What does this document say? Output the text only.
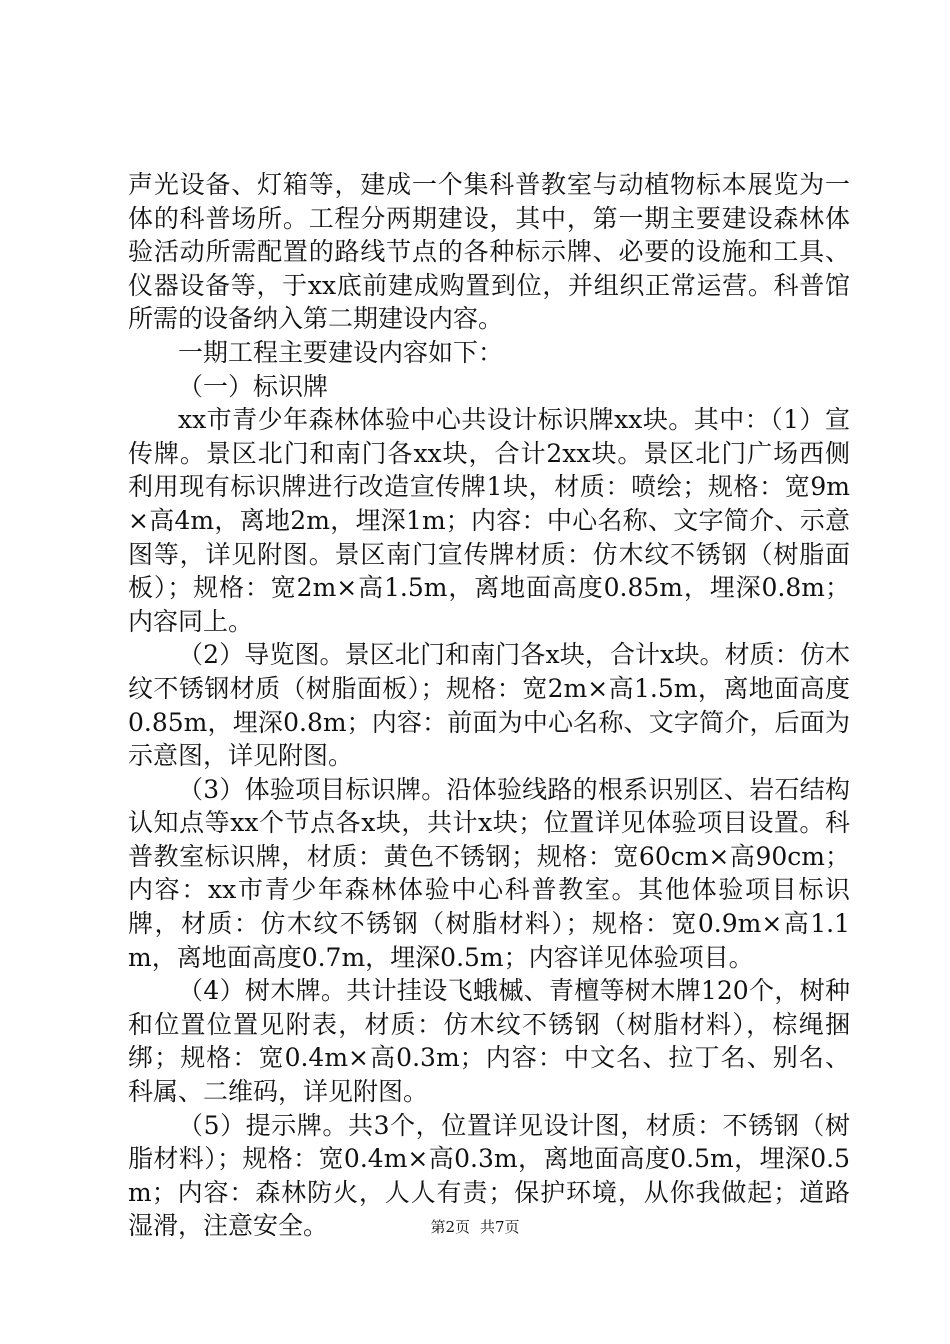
声光设备、灯箱等，建成一个集科普教室与动植物标本展览为一体的科普场所。工程分两期建设，其中，第一期主要建设森林体验活动所需配置的路线节点的各种标示牌、必要的设施和工具、仪器设备等，于xx底前建成购置到位，并组织正常运营。科普馆所需的设备纳入第二期建设内容。

一期工程主要建设内容如下：

（一）标识牌

xx市青少年森林体验中心共设计标识牌xx块。其中：（1）宣传牌。景区北门和南门各xx块，合计2xx块。景区北门广场西侧利用现有标识牌进行改造宣传牌1块，材质：喷绘；规格：宽9m×高4m，离地2m，埋深1m；内容：中心名称、文字简介、示意图等，详见附图。景区南门宣传牌材质：仿木纹不锈钢（树脂面板）；规格：宽2m×高1.5m，离地面高度0.85m，埋深0.8m；内容同上。

（2）导览图。景区北门和南门各x块，合计x块。材质：仿木纹不锈钢材质（树脂面板）；规格：宽2m×高1.5m，离地面高度0.85m，埋深0.8m；内容：前面为中心名称、文字简介，后面为示意图，详见附图。

（3）体验项目标识牌。沿体验线路的根系识别区、岩石结构认知点等xx个节点各x块，共计x块；位置详见体验项目设置。科普教室标识牌，材质：黄色不锈钢；规格：宽60cm×高90cm；内容：xx市青少年森林体验中心科普教室。其他体验项目标识牌，材质：仿木纹不锈钢（树脂材料）；规格：宽0.9m×高1.1m，离地面高度0.7m，埋深0.5m；内容详见体验项目。

（4）树木牌。共计挂设飞蛾槭、青檀等树木牌120个，树种和位置位置见附表，材质：仿木纹不锈钢（树脂材料），棕绳捆绑；规格：宽0.4m×高0.3m；内容：中文名、拉丁名、别名、科属、二维码，详见附图。

（5）提示牌。共3个，位置详见设计图，材质：不锈钢（树脂材料）；规格：宽0.4m×高0.3m，离地面高度0.5m，埋深0.5m；内容：森林防火，人人有责；保护环境，从你我做起；道路湿滑，注意安全。	第2页 共7页
